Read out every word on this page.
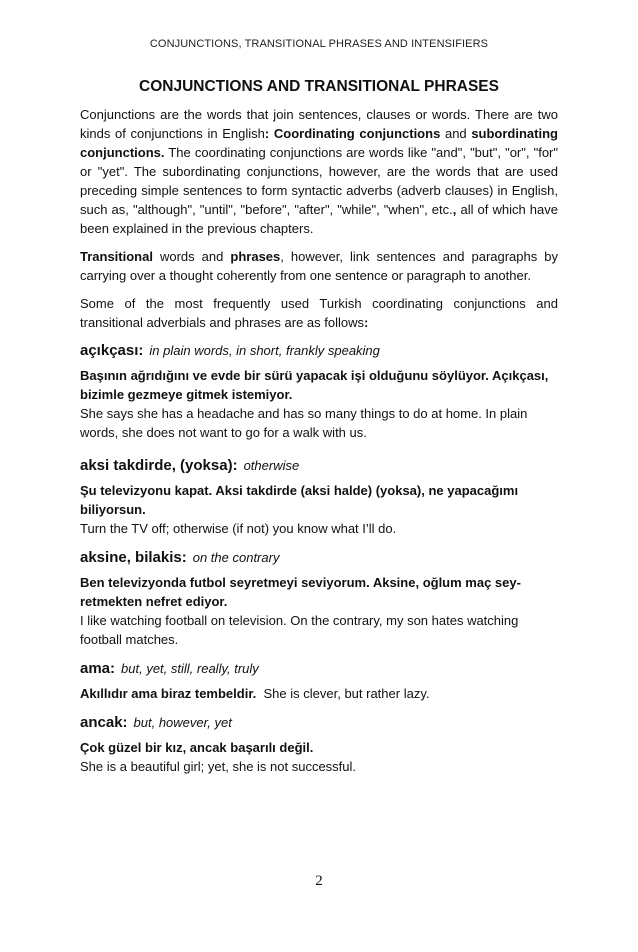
CONJUNCTIONS, TRANSITIONAL PHRASES AND INTENSIFIERS
CONJUNCTIONS AND TRANSITIONAL PHRASES

Conjunctions are the words that join sentences, clauses or words. There are two kinds of conjunctions in English: Coordinating conjunctions and subordinating conjunctions. The coordinating conjunctions are words like "and", "but", "or", "for" or "yet". The subordinating conjunctions, however, are the words that are used preceding simple sentences to form syntactic adverbs (adverb clauses) in English, such as, "although", "until", "before", "after", "while", "when", etc., all of which have been explained in the previous chapters.

Transitional words and phrases, however, link sentences and paragraphs by carrying over a thought coherently from one sentence or paragraph to another.

Some of the most frequently used Turkish coordinating conjunctions and transitional adverbials and phrases are as follows:

açıkçası: in plain words, in short, frankly speaking

Başının ağrıdığını ve evde bir sürü yapacak işi olduğunu söylüyor. Açıkçası, bizimle gezmeye gitmek istemiyor.

She says she has a headache and has so many things to do at home. In plain words, she does not want to go for a walk with us.

aksi takdirde, (yoksa): otherwise

Şu televizyonu kapat. Aksi takdirde (aksi halde) (yoksa), ne yapacağımı biliyorsun.

Turn the TV off; otherwise (if not) you know what I’ll do.

aksine, bilakis: on the contrary

Ben televizyonda futbol seyretmeyi seviyorum. Aksine, oğlum maç sey-retmekten nefret ediyor.

I like watching football on television. On the contrary, my son hates watching football matches.

ama: but, yet, still, really, truly

Akıllıdır ama biraz tembeldir. She is clever, but rather lazy.

ancak: but, however, yet

Çok güzel bir kız, ancak başarılı değil.

She is a beautiful girl; yet, she is not successful.

2
